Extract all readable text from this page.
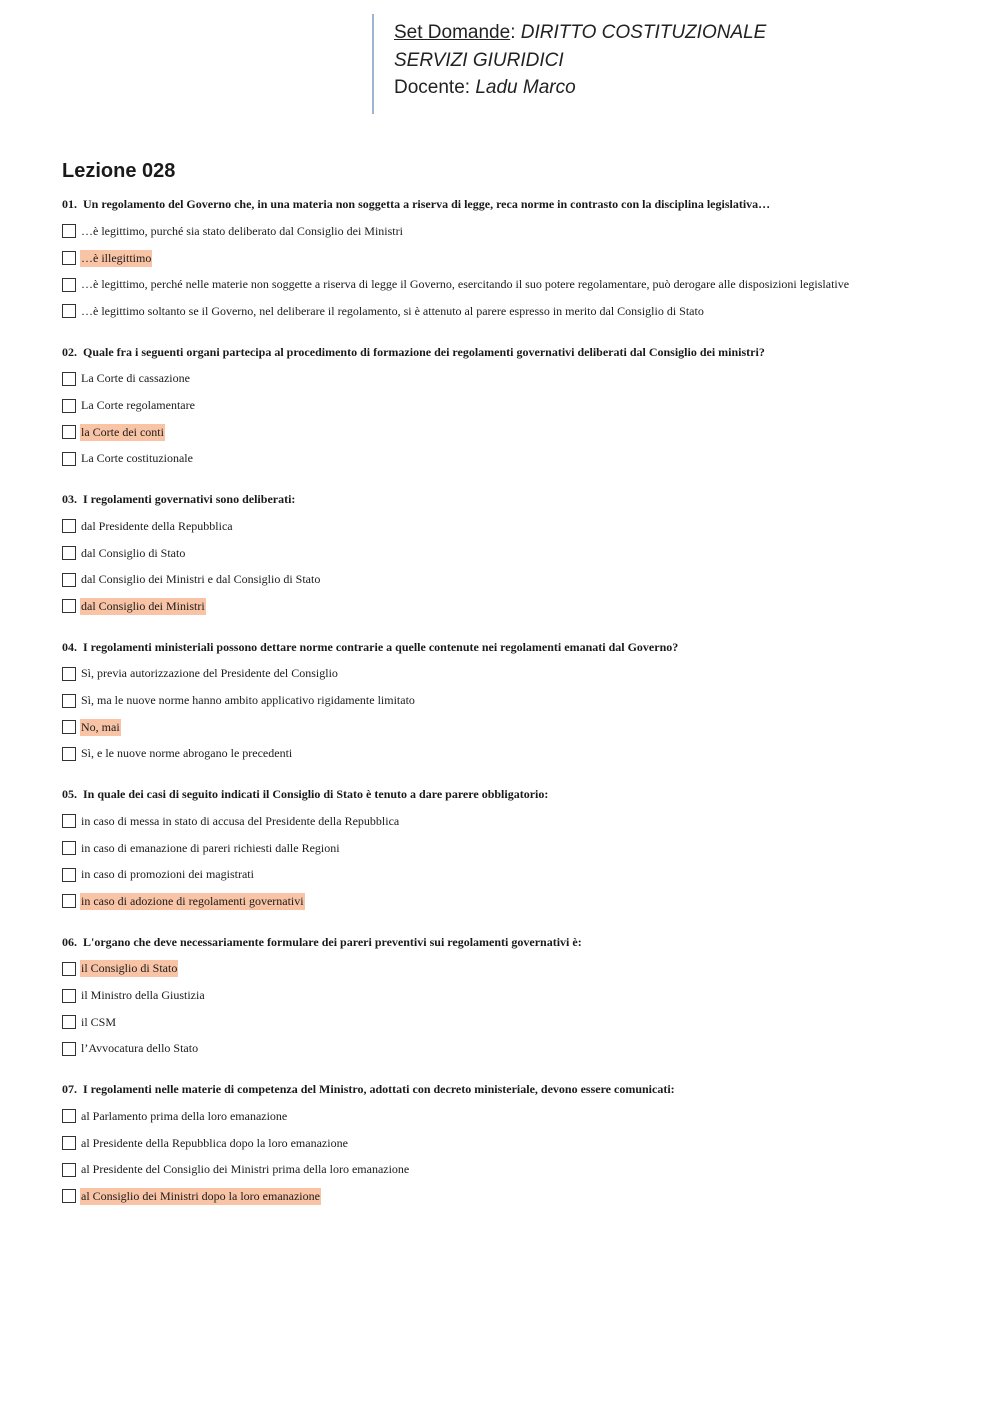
Set Domande: DIRITTO COSTITUZIONALE
SERVIZI GIURIDICI
Docente: Ladu Marco
Lezione 028
01. Un regolamento del Governo che, in una materia non soggetta a riserva di legge, reca norme in contrasto con la disciplina legislativa…
…è legittimo, purché sia stato deliberato dal Consiglio dei Ministri
…è illegittimo
…è legittimo, perché nelle materie non soggette a riserva di legge il Governo, esercitando il suo potere regolamentare, può derogare alle disposizioni legislative
…è legittimo soltanto se il Governo, nel deliberare il regolamento, si è attenuto al parere espresso in merito dal Consiglio di Stato
02. Quale fra i seguenti organi partecipa al procedimento di formazione dei regolamenti governativi deliberati dal Consiglio dei ministri?
La Corte di cassazione
La Corte regolamentare
la Corte dei conti
La Corte costituzionale
03. I regolamenti governativi sono deliberati:
dal Presidente della Repubblica
dal Consiglio di Stato
dal Consiglio dei Ministri e dal Consiglio di Stato
dal Consiglio dei Ministri
04. I regolamenti ministeriali possono dettare norme contrarie a quelle contenute nei regolamenti emanati dal Governo?
Sì, previa autorizzazione del Presidente del Consiglio
Sì, ma le nuove norme hanno ambito applicativo rigidamente limitato
No, mai
Sì, e le nuove norme abrogano le precedenti
05. In quale dei casi di seguito indicati il Consiglio di Stato è tenuto a dare parere obbligatorio:
in caso di messa in stato di accusa del Presidente della Repubblica
in caso di emanazione di pareri richiesti dalle Regioni
in caso di promozioni dei magistrati
in caso di adozione di regolamenti governativi
06. L'organo che deve necessariamente formulare dei pareri preventivi sui regolamenti governativi è:
il Consiglio di Stato
il Ministro della Giustizia
il CSM
l’Avvocatura dello Stato
07. I regolamenti nelle materie di competenza del Ministro, adottati con decreto ministeriale, devono essere comunicati:
al Parlamento prima della loro emanazione
al Presidente della Repubblica dopo la loro emanazione
al Presidente del Consiglio dei Ministri prima della loro emanazione
al Consiglio dei Ministri dopo la loro emanazione
